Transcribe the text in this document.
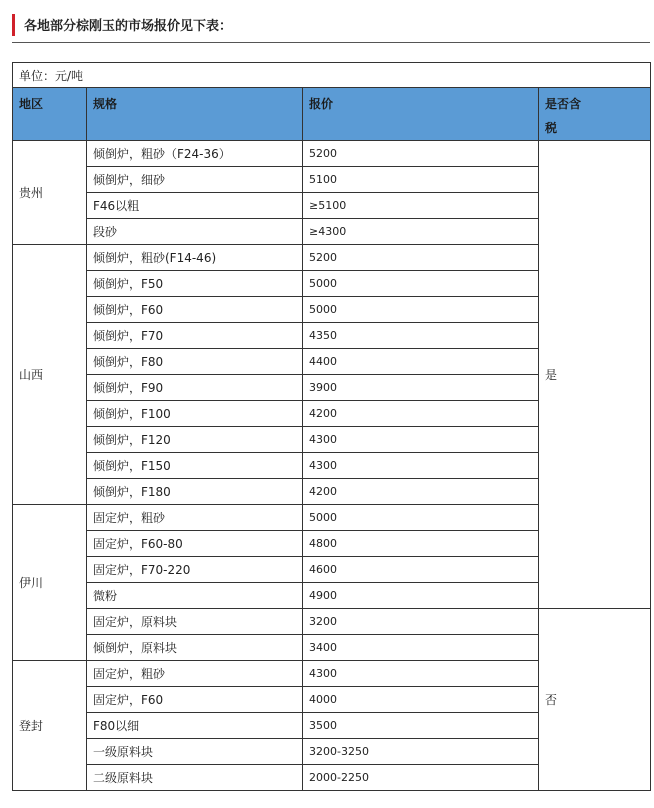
各地部分棕刚玉的市场报价见下表：
单位：元/吨			
地区	规格	报价	是否含税
贵州	倾倒炉，粗砂（F24-36）	5200	是
	倾倒炉，细砂	5100	
	F46以粗	≥5100	
	段砂	≥4300	
山西	倾倒炉，粗砂(F14-46)	5200	
	倾倒炉，F50	5000	
	倾倒炉，F60	5000	
	倾倒炉，F70	4350	
	倾倒炉，F80	4400	
	倾倒炉，F90	3900	
	倾倒炉，F100	4200	
	倾倒炉，F120	4300	
	倾倒炉，F150	4300	
	倾倒炉，F180	4200	
伊川	固定炉，粗砂	5000	
	固定炉，F60-80	4800	
	固定炉，F70-220	4600	
	微粉	4900	
	固定炉，原料块	3200	否
	倾倒炉，原料块	3400	
登封	固定炉，粗砂	4300	
	固定炉，F60	4000	
	F80以细	3500	
	一级原料块	3200-3250	
	二级原料块	2000-2250	
